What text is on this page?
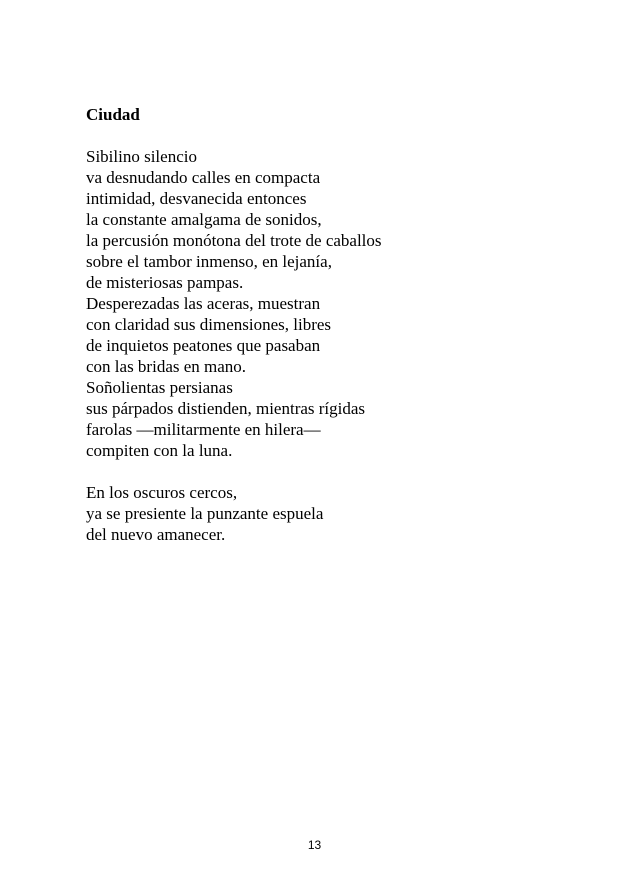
Ciudad
Sibilino silencio
va desnudando calles en compacta
intimidad, desvanecida entonces
la constante amalgama de sonidos,
la percusión monótona del trote de caballos
sobre el tambor inmenso, en lejanía,
de misteriosas pampas.
Desperezadas las aceras, muestran
con claridad sus dimensiones, libres
de inquietos peatones que pasaban
con las bridas en mano.
Soñolientas persianas
sus párpados distienden, mientras rígidas
farolas —militarmente en hilera—
compiten con la luna.
En los oscuros cercos,
ya se presiente la punzante espuela
del nuevo amanecer.
13
